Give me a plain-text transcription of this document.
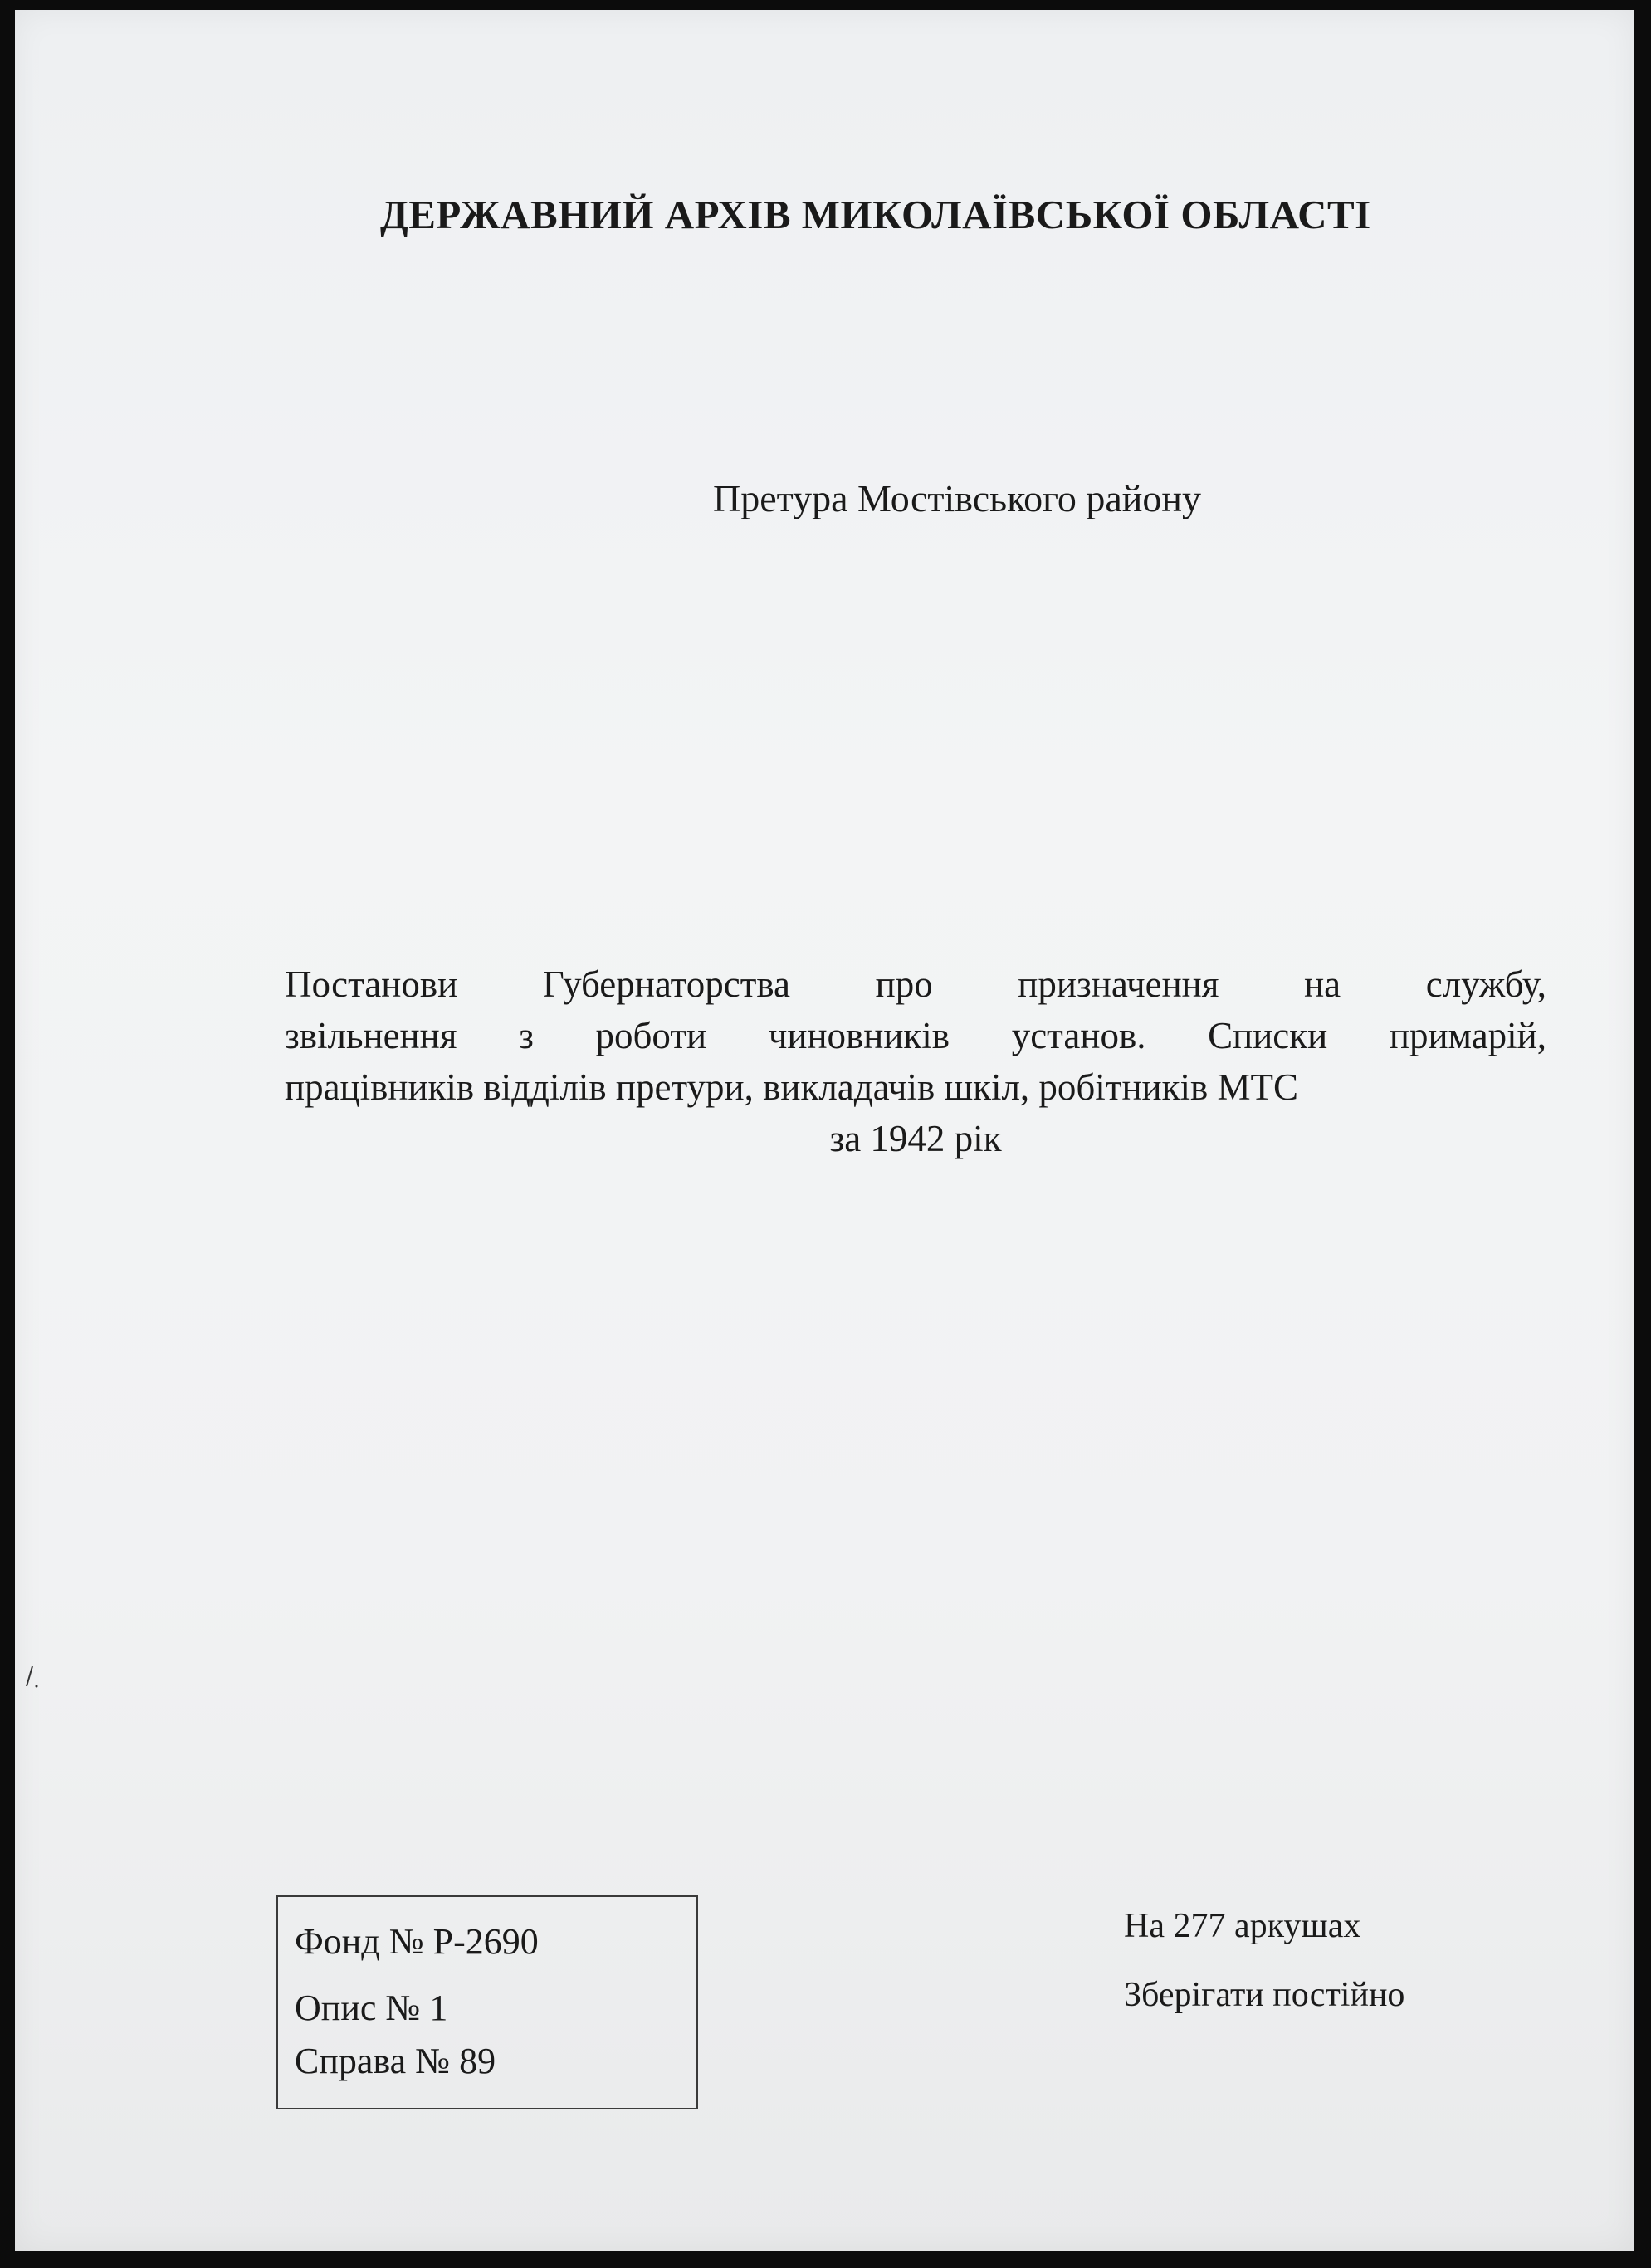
ДЕРЖАВНИЙ АРХІВ МИКОЛАЇВСЬКОЇ ОБЛАСТІ
Претура Мостівського району
Постанови Губернаторства про призначення на службу,
звільнення з роботи чиновників установ. Списки примарій,
працівників відділів претури, викладачів шкіл, робітників МТС
за 1942 рік
Фонд № Р-2690
Опис № 1
Справа № 89
На 277 аркушах
Зберігати постійно
